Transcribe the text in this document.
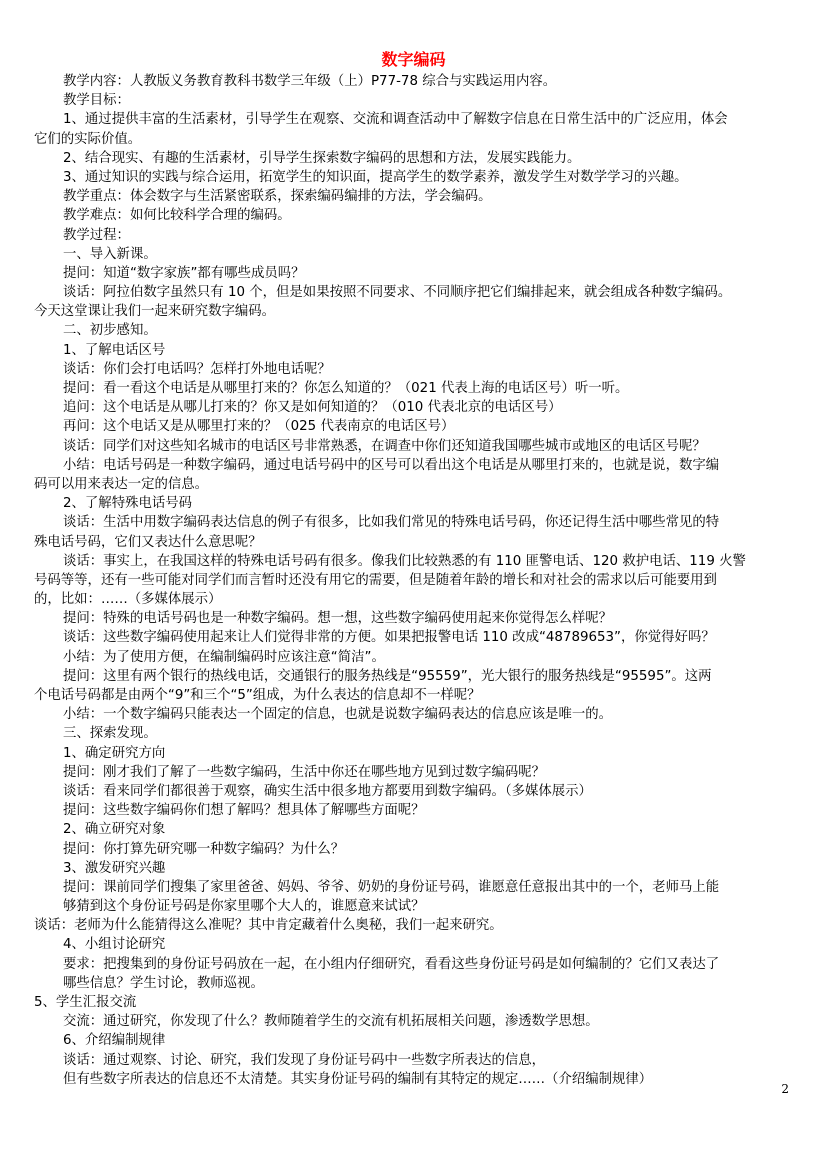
数字编码
教学内容：人教版义务教育教科书数学三年级（上）P77-78 综合与实践运用内容。
教学目标：
1、通过提供丰富的生活素材，引导学生在观察、交流和调查活动中了解数字信息在日常生活中的广泛应用，体会
它们的实际价值。
2、结合现实、有趣的生活素材，引导学生探索数字编码的思想和方法，发展实践能力。
3、通过知识的实践与综合运用，拓宽学生的知识面，提高学生的数学素养，激发学生对数学学习的兴趣。
教学重点：体会数字与生活紧密联系，探索编码编排的方法，学会编码。
教学难点：如何比较科学合理的编码。
教学过程：
一、导入新课。
提问：知道“数字家族”都有哪些成员吗？
谈话：阿拉伯数字虽然只有 10 个，但是如果按照不同要求、不同顺序把它们编排起来，就会组成各种数字编码。
今天这堂课让我们一起来研究数字编码。
二、初步感知。
1、了解电话区号
谈话：你们会打电话吗？怎样打外地电话呢？
提问：看一看这个电话是从哪里打来的？你怎么知道的？（021 代表上海的电话区号）听一听。
追问：这个电话是从哪儿打来的？你又是如何知道的？（010 代表北京的电话区号）
再问：这个电话又是从哪里打来的？（025 代表南京的电话区号）
谈话：同学们对这些知名城市的电话区号非常熟悉，在调查中你们还知道我国哪些城市或地区的电话区号呢？
小结：电话号码是一种数字编码，通过电话号码中的区号可以看出这个电话是从哪里打来的，也就是说，数字编
码可以用来表达一定的信息。
2、了解特殊电话号码
谈话：生活中用数字编码表达信息的例子有很多，比如我们常见的特殊电话号码，你还记得生活中哪些常见的特
殊电话号码，它们又表达什么意思呢？
谈话：事实上，在我国这样的特殊电话号码有很多。像我们比较熟悉的有 110 匪警电话、120 救护电话、119 火警
号码等等，还有一些可能对同学们而言暂时还没有用它的需要，但是随着年龄的增长和对社会的需求以后可能要用到
的，比如：……（多媒体展示）
提问：特殊的电话号码也是一种数字编码。想一想，这些数字编码使用起来你觉得怎么样呢？
谈话：这些数字编码使用起来让人们觉得非常的方便。如果把报警电话 110 改成“48789653”，你觉得好吗？
小结：为了使用方便，在编制编码时应该注意“简洁”。
提问：这里有两个银行的热线电话，交通银行的服务热线是“95559”，光大银行的服务热线是“95595”。这两
个电话号码都是由两个“9”和三个“5”组成，为什么表达的信息却不一样呢？
小结：一个数字编码只能表达一个固定的信息，也就是说数字编码表达的信息应该是唯一的。
三、探索发现。
1、确定研究方向
提问：刚才我们了解了一些数字编码，生活中你还在哪些地方见到过数字编码呢？
谈话：看来同学们都很善于观察，确实生活中很多地方都要用到数字编码。（多媒体展示）
提问：这些数字编码你们想了解吗？想具体了解哪些方面呢？
2、确立研究对象
提问：你打算先研究哪一种数字编码？为什么？
3、激发研究兴趣
提问：课前同学们搜集了家里爸爸、妈妈、爷爷、奶奶的身份证号码，谁愿意任意报出其中的一个，老师马上能
够猜到这个身份证号码是你家里哪个大人的，谁愿意来试试？
谈话：老师为什么能猜得这么准呢？其中肯定藏着什么奥秘，我们一起来研究。
4、小组讨论研究
要求：把搜集到的身份证号码放在一起，在小组内仔细研究，看看这些身份证号码是如何编制的？它们又表达了
哪些信息？学生讨论，教师巡视。
5、学生汇报交流
交流：通过研究，你发现了什么？教师随着学生的交流有机拓展相关问题，渗透数学思想。
6、介绍编制规律
谈话：通过观察、讨论、研究，我们发现了身份证号码中一些数字所表达的信息，
但有些数字所表达的信息还不太清楚。其实身份证号码的编制有其特定的规定……（介绍编制规律）
2
